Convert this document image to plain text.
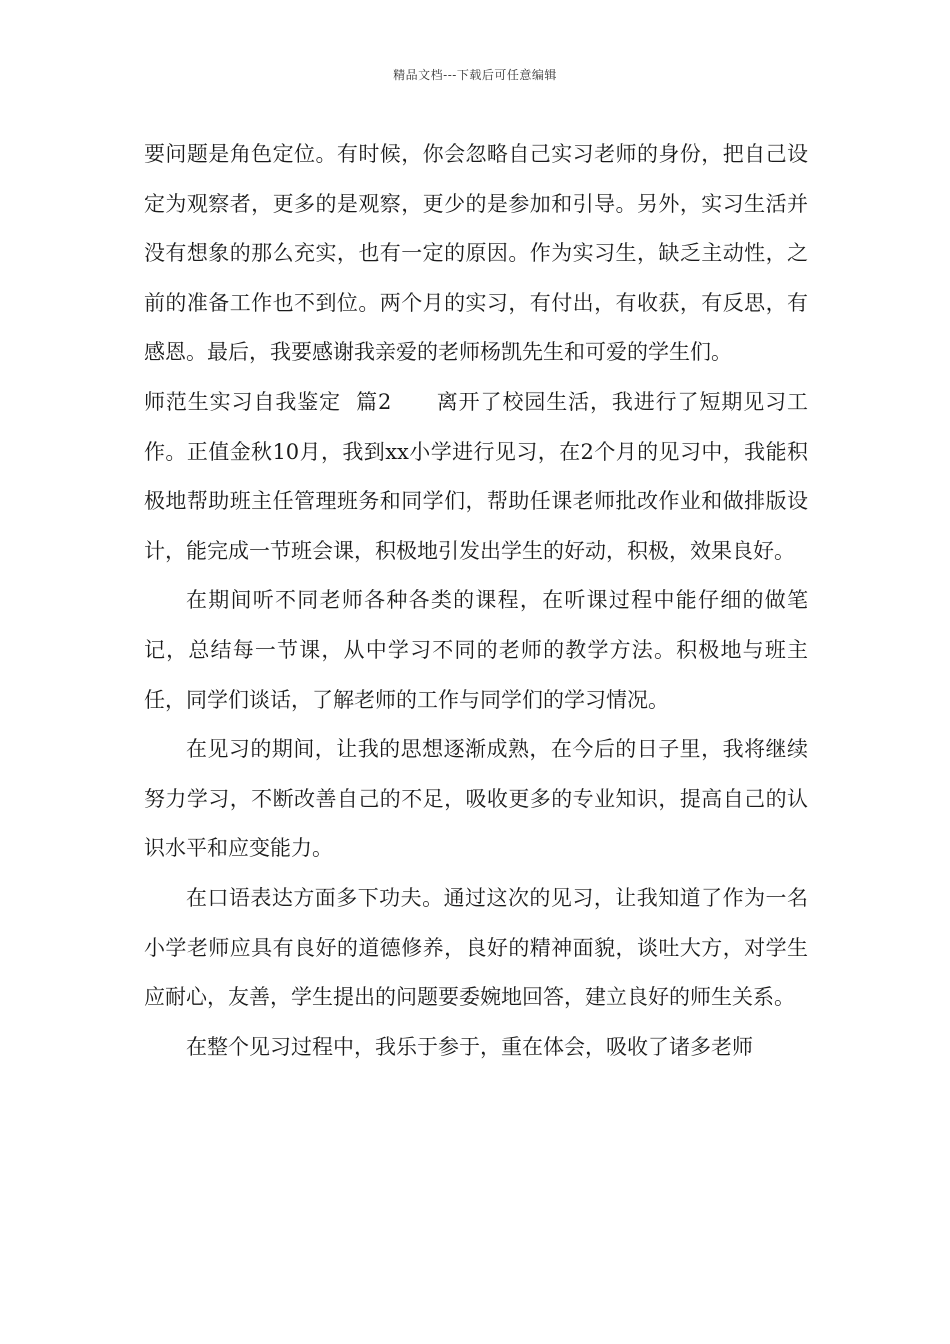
精品文档---下载后可任意编辑

要问题是角色定位。有时候，你会忽略自己实习老师的身份，把自己设定为观察者，更多的是观察，更少的是参加和引导。另外，实习生活并没有想象的那么充实，也有一定的原因。作为实习生，缺乏主动性，之前的准备工作也不到位。两个月的实习，有付出，有收获，有反思，有感恩。最后，我要感谢我亲爱的老师杨凯先生和可爱的学生们。

师范生实习自我鉴定  篇2 离开了校园生活，我进行了短期见习工作。正值金秋10月，我到xx小学进行见习，在2个月的见习中，我能积极地帮助班主任管理班务和同学们，帮助任课老师批改作业和做排版设计，能完成一节班会课，积极地引发出学生的好动，积极，效果良好。

在期间听不同老师各种各类的课程，在听课过程中能仔细的做笔记，总结每一节课，从中学习不同的老师的教学方法。积极地与班主任，同学们谈话，了解老师的工作与同学们的学习情况。

在见习的期间，让我的思想逐渐成熟，在今后的日子里，我将继续努力学习，不断改善自己的不足，吸收更多的专业知识，提高自己的认识水平和应变能力。

在口语表达方面多下功夫。通过这次的见习，让我知道了作为一名小学老师应具有良好的道德修养，良好的精神面貌，谈吐大方，对学生应耐心，友善，学生提出的问题要委婉地回答，建立良好的师生关系。

在整个见习过程中，我乐于参于，重在体会，吸收了诸多老师
